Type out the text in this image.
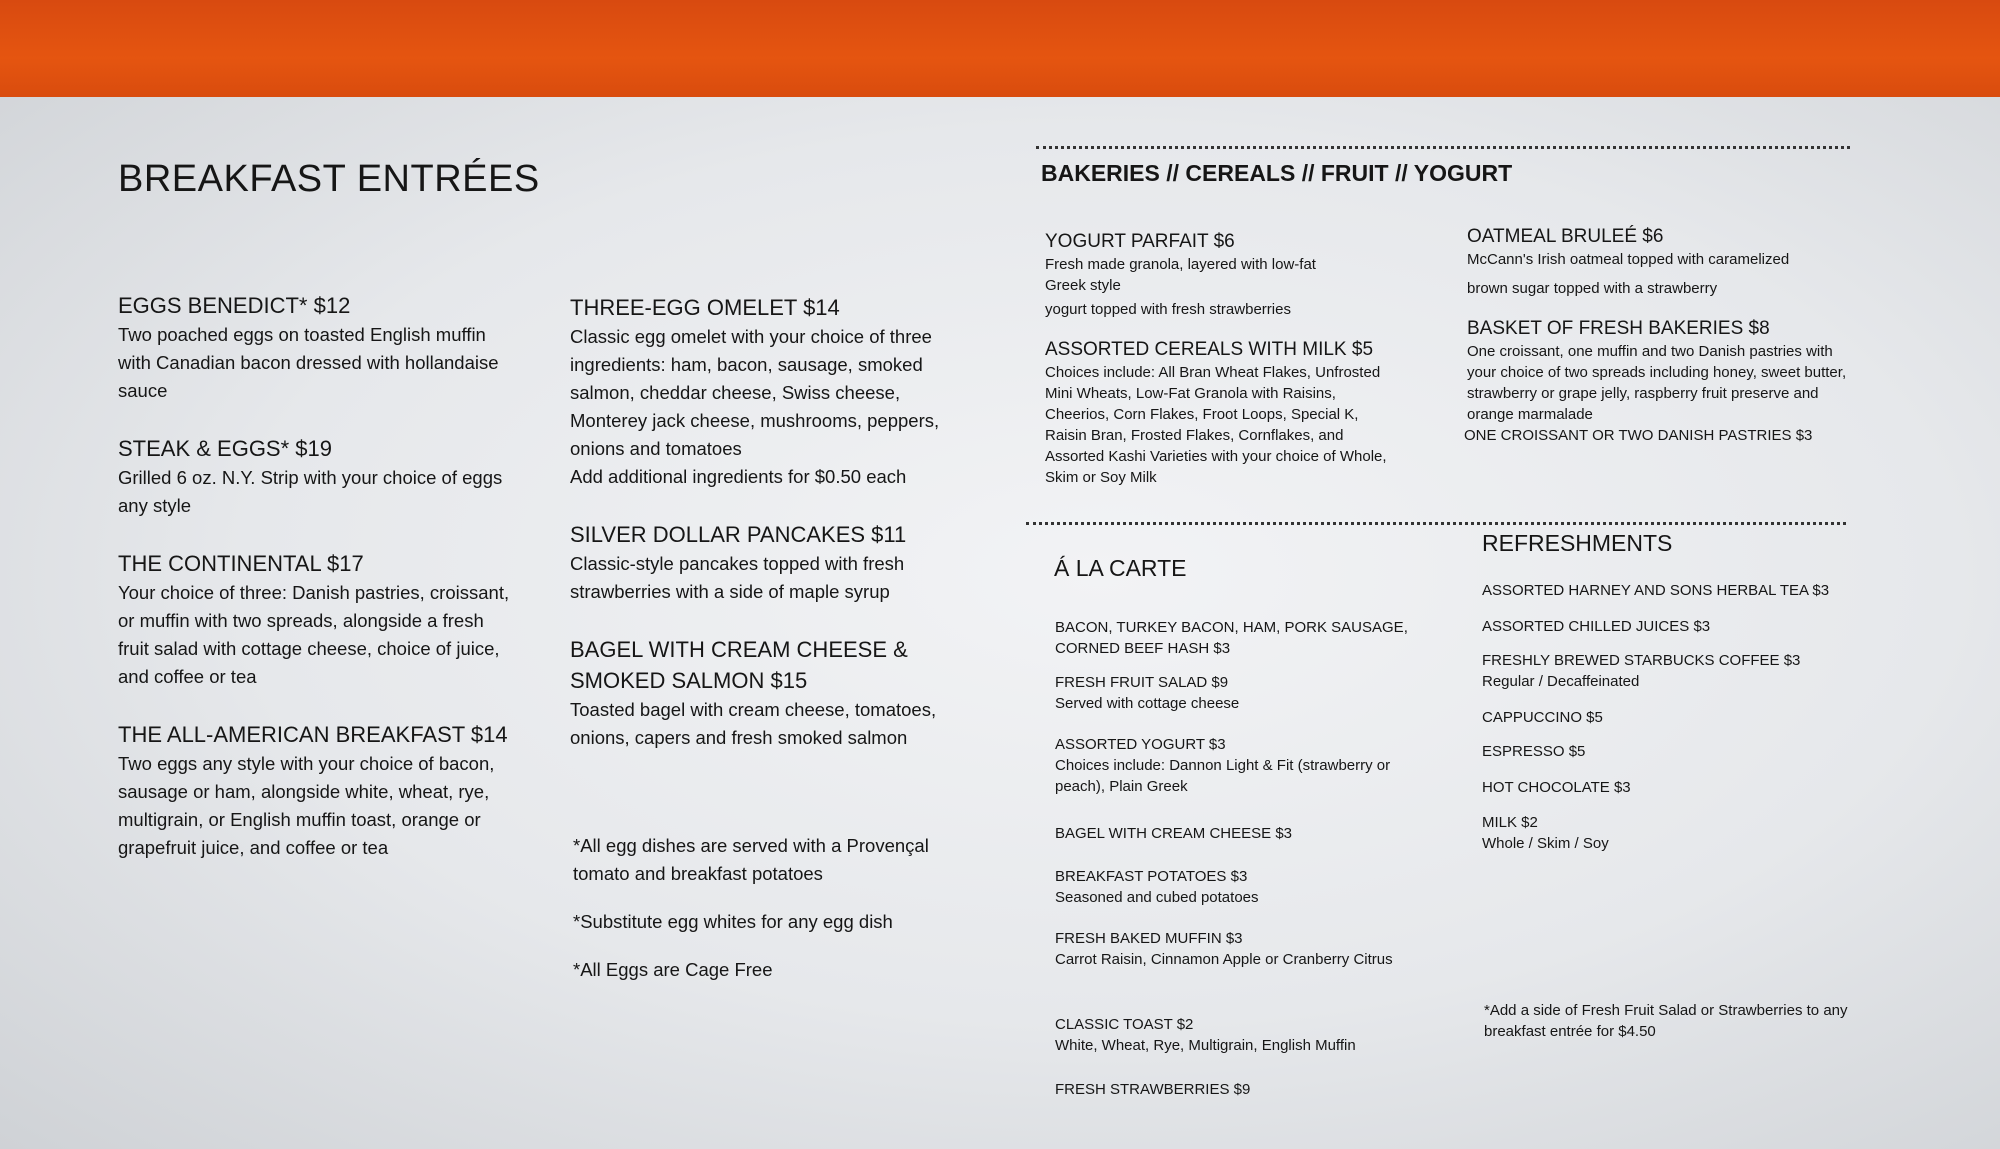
BREAKFAST ENTRÉES

EGGS BENEDICT* $12

Two poached eggs on toasted English muffin with Canadian bacon dressed with hollandaise sauce

STEAK & EGGS* $19

Grilled 6 oz. N.Y. Strip with your choice of eggs any style

THE CONTINENTAL $17

Your choice of three: Danish pastries, croissant, or muffin with two spreads, alongside a fresh fruit salad with cottage cheese, choice of juice, and coffee or tea

THE ALL-AMERICAN BREAKFAST $14

Two eggs any style with your choice of bacon, sausage or ham, alongside white, wheat, rye, multigrain, or English muffin toast, orange or grapefruit juice, and coffee or tea

THREE-EGG OMELET $14

Classic egg omelet with your choice of three ingredients: ham, bacon, sausage, smoked salmon, cheddar cheese, Swiss cheese, Monterey jack cheese, mushrooms, peppers, onions and tomatoes

Add additional ingredients for $0.50 each

SILVER DOLLAR PANCAKES $11

Classic-style pancakes topped with fresh strawberries with a side of maple syrup

BAGEL WITH CREAM CHEESE & SMOKED SALMON $15

Toasted bagel with cream cheese, tomatoes, onions, capers and fresh smoked salmon

*All egg dishes are served with a Provençal tomato and breakfast potatoes

*Substitute egg whites for any egg dish

*All Eggs are Cage Free

BAKERIES // CEREALS // FRUIT // YOGURT

YOGURT PARFAIT $6

Fresh made granola, layered with low-fat Greek style

yogurt topped with fresh strawberries

ASSORTED CEREALS WITH MILK $5

Choices include: All Bran Wheat Flakes, Unfrosted Mini Wheats, Low-Fat Granola with Raisins, Cheerios, Corn Flakes, Froot Loops, Special K, Raisin Bran, Frosted Flakes, Cornflakes, and Assorted Kashi Varieties with your choice of Whole, Skim or Soy Milk

OATMEAL BRULEÉ $6

McCann's Irish oatmeal topped with caramelized

brown sugar topped with a strawberry

BASKET OF FRESH BAKERIES $8

One croissant, one muffin and two Danish pastries with your choice of two spreads including honey, sweet butter, strawberry or grape jelly, raspberry fruit preserve and orange marmalade

ONE CROISSANT OR TWO DANISH PASTRIES $3

Á LA CARTE

BACON, TURKEY BACON, HAM, PORK SAUSAGE, CORNED BEEF HASH $3

FRESH FRUIT SALAD $9

Served with cottage cheese

ASSORTED YOGURT $3

Choices include: Dannon Light & Fit (strawberry or peach), Plain Greek

BAGEL WITH CREAM CHEESE $3

BREAKFAST POTATOES $3

Seasoned and cubed potatoes

FRESH BAKED MUFFIN $3

Carrot Raisin, Cinnamon Apple or Cranberry Citrus

CLASSIC TOAST $2

White, Wheat, Rye, Multigrain, English Muffin

FRESH STRAWBERRIES $9

REFRESHMENTS

ASSORTED HARNEY AND SONS HERBAL TEA $3

ASSORTED CHILLED JUICES $3

FRESHLY BREWED STARBUCKS COFFEE $3

Regular / Decaffeinated

CAPPUCCINO $5

ESPRESSO $5

HOT CHOCOLATE $3

MILK $2

Whole / Skim / Soy

*Add a side of Fresh Fruit Salad or Strawberries to any breakfast entrée for $4.50
